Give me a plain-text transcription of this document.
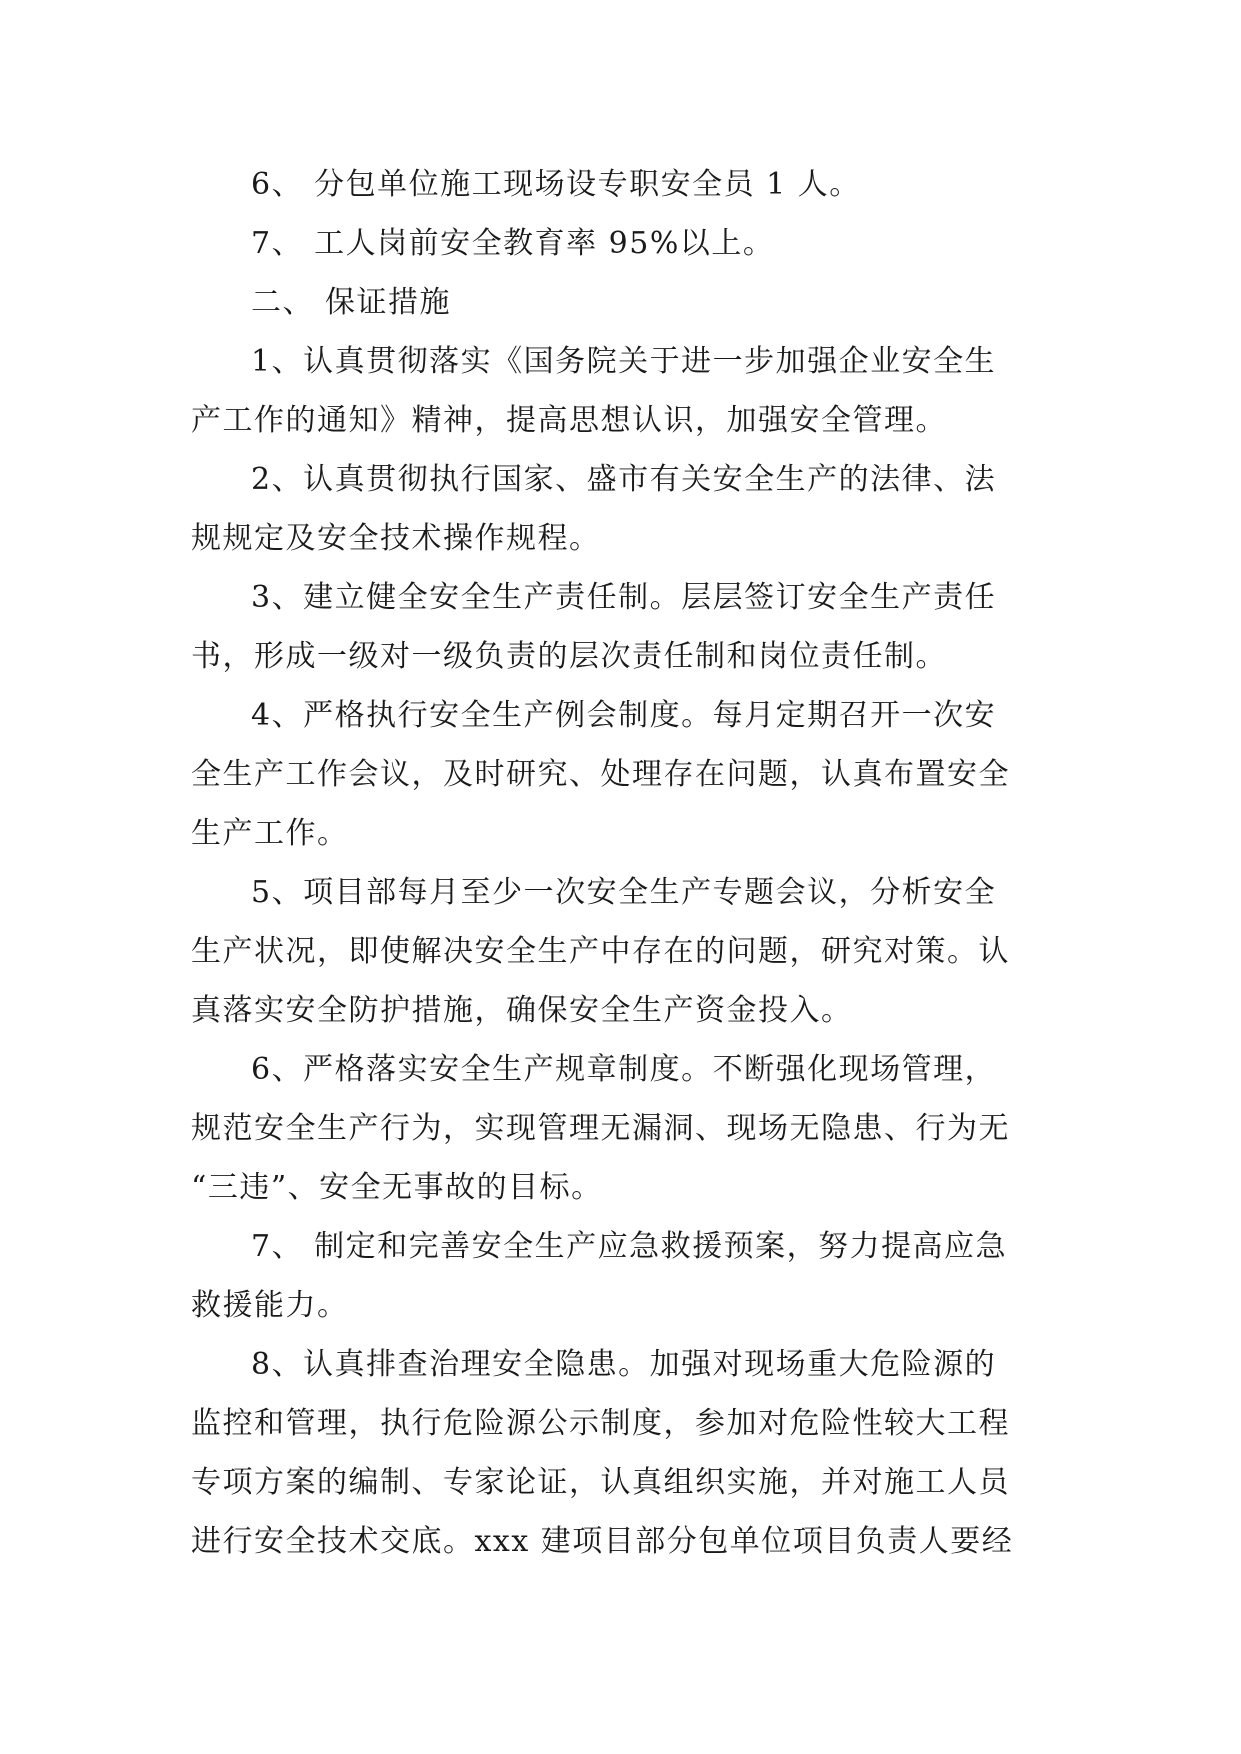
6、 分包单位施工现场设专职安全员 1 人。
7、 工人岗前安全教育率 95%以上。
二、 保证措施
1、认真贯彻落实《国务院关于进一步加强企业安全生
产工作的通知》精神，提高思想认识，加强安全管理。
2、认真贯彻执行国家、盛市有关安全生产的法律、法
规规定及安全技术操作规程。
3、建立健全安全生产责任制。层层签订安全生产责任
书，形成一级对一级负责的层次责任制和岗位责任制。
4、严格执行安全生产例会制度。每月定期召开一次安
全生产工作会议，及时研究、处理存在问题，认真布置安全
生产工作。
5、项目部每月至少一次安全生产专题会议，分析安全
生产状况，即使解决安全生产中存在的问题，研究对策。认
真落实安全防护措施，确保安全生产资金投入。
6、严格落实安全生产规章制度。不断强化现场管理，
规范安全生产行为，实现管理无漏洞、现场无隐患、行为无
“三违”、安全无事故的目标。
7、 制定和完善安全生产应急救援预案，努力提高应急
救援能力。
8、认真排查治理安全隐患。加强对现场重大危险源的
监控和管理，执行危险源公示制度，参加对危险性较大工程
专项方案的编制、专家论证，认真组织实施，并对施工人员
进行安全技术交底。xxx 建项目部分包单位项目负责人要经
